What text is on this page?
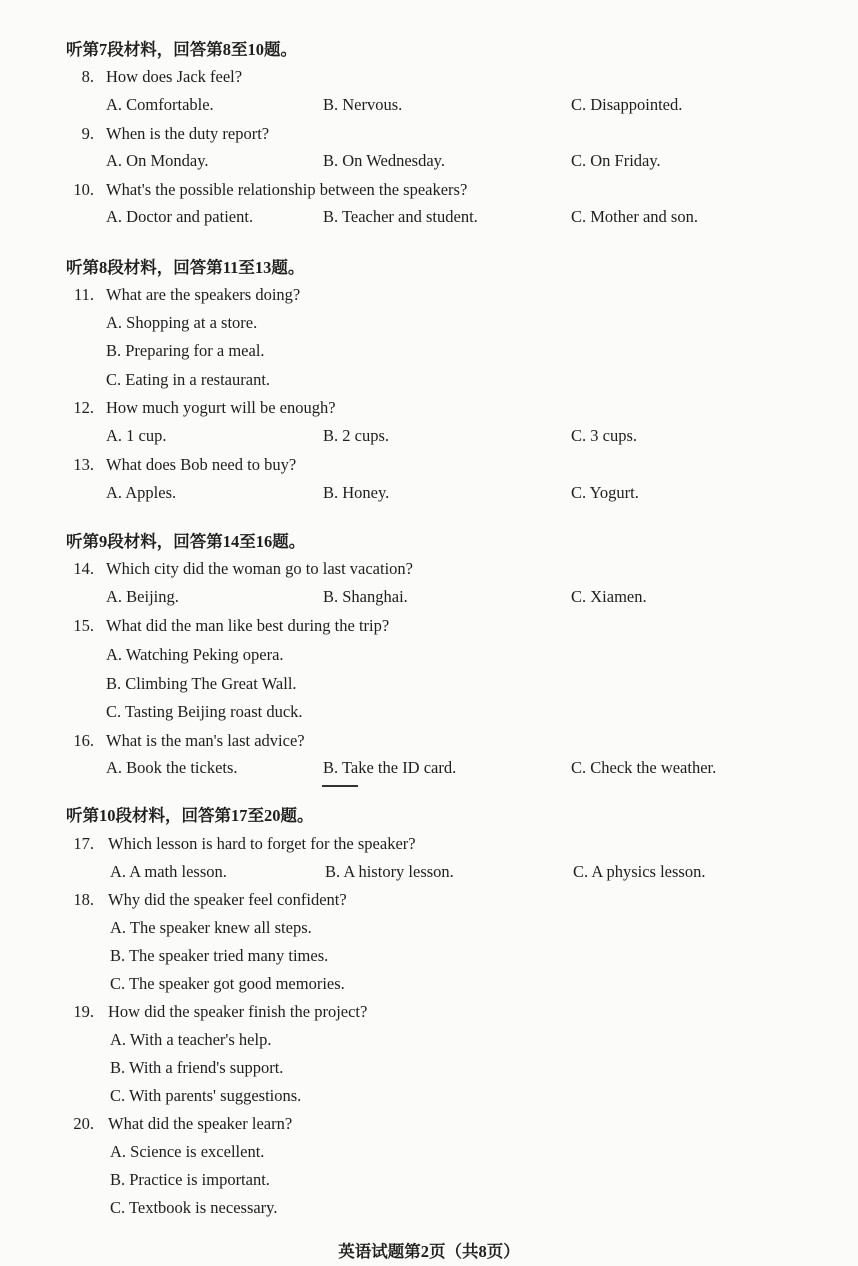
听第7段材料，回答第8至10题。
8. How does Jack feel?
A. Comfortable.	B. Nervous.	C. Disappointed.
9. When is the duty report?
A. On Monday.	B. On Wednesday.	C. On Friday.
10. What's the possible relationship between the speakers?
A. Doctor and patient.	B. Teacher and student.	C. Mother and son.
听第8段材料，回答第11至13题。
11. What are the speakers doing?
A. Shopping at a store.
B. Preparing for a meal.
C. Eating in a restaurant.
12. How much yogurt will be enough?
A. 1 cup.	B. 2 cups.	C. 3 cups.
13. What does Bob need to buy?
A. Apples.	B. Honey.	C. Yogurt.
听第9段材料，回答第14至16题。
14. Which city did the woman go to last vacation?
A. Beijing.	B. Shanghai.	C. Xiamen.
15. What did the man like best during the trip?
A. Watching Peking opera.
B. Climbing The Great Wall.
C. Tasting Beijing roast duck.
16. What is the man's last advice?
A. Book the tickets.	B. Take the ID card.	C. Check the weather.
听第10段材料，回答第17至20题。
17. Which lesson is hard to forget for the speaker?
A. A math lesson.	B. A history lesson.	C. A physics lesson.
18. Why did the speaker feel confident?
A. The speaker knew all steps.
B. The speaker tried many times.
C. The speaker got good memories.
19. How did the speaker finish the project?
A. With a teacher's help.
B. With a friend's support.
C. With parents' suggestions.
20. What did the speaker learn?
A. Science is excellent.
B. Practice is important.
C. Textbook is necessary.
英语试题第2页（共8页）
